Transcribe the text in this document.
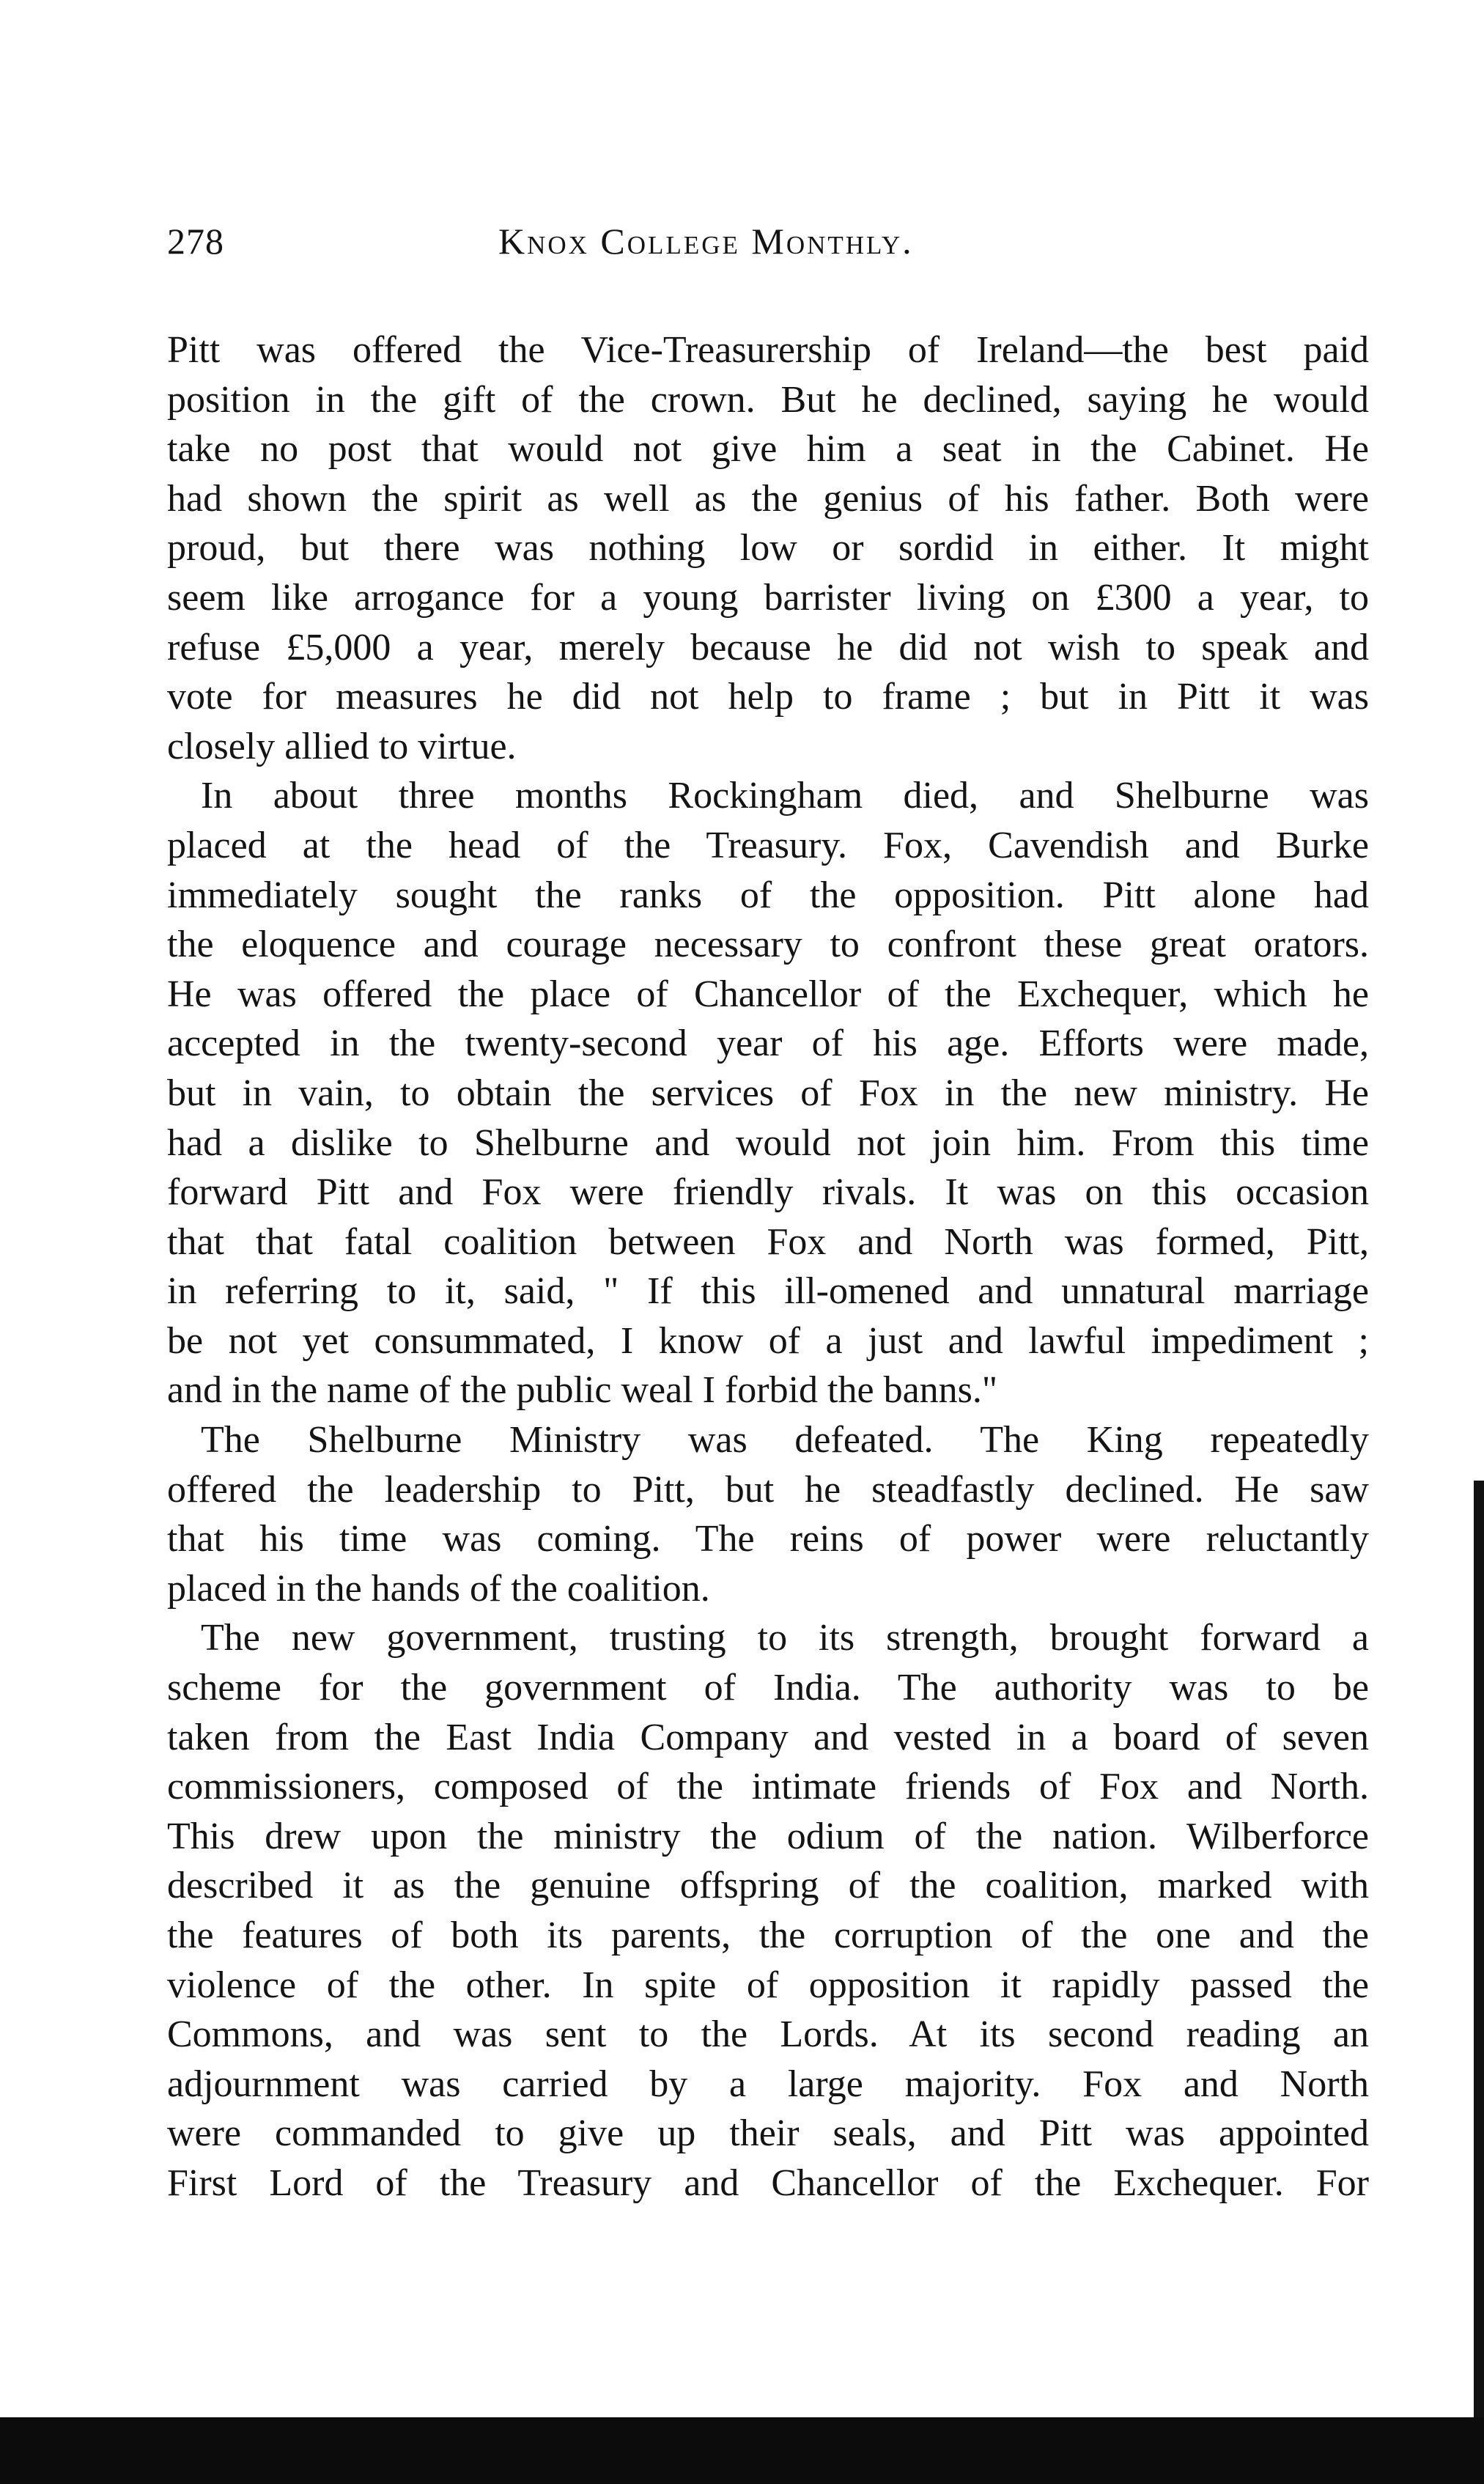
278	Knox College Monthly.
Pitt was offered the Vice-Treasurership of Ireland—the best paid
position in the gift of the crown. But he declined, saying he would
take no post that would not give him a seat in the Cabinet. He
had shown the spirit as well as the genius of his father. Both were
proud, but there was nothing low or sordid in either. It might
seem like arrogance for a young barrister living on £300 a year, to
refuse £5,000 a year, merely because he did not wish to speak and
vote for measures he did not help to frame ; but in Pitt it was
closely allied to virtue.
In about three months Rockingham died, and Shelburne was
placed at the head of the Treasury. Fox, Cavendish and Burke
immediately sought the ranks of the opposition. Pitt alone had
the eloquence and courage necessary to confront these great orators.
He was offered the place of Chancellor of the Exchequer, which he
accepted in the twenty-second year of his age. Efforts were made,
but in vain, to obtain the services of Fox in the new ministry. He
had a dislike to Shelburne and would not join him. From this time
forward Pitt and Fox were friendly rivals. It was on this occasion
that that fatal coalition between Fox and North was formed, Pitt,
in referring to it, said, " If this ill-omened and unnatural marriage
be not yet consummated, I know of a just and lawful impediment ;
and in the name of the public weal I forbid the banns."
The Shelburne Ministry was defeated. The King repeatedly
offered the leadership to Pitt, but he steadfastly declined. He saw
that his time was coming. The reins of power were reluctantly
placed in the hands of the coalition.
The new government, trusting to its strength, brought forward a
scheme for the government of India. The authority was to be
taken from the East India Company and vested in a board of seven
commissioners, composed of the intimate friends of Fox and North.
This drew upon the ministry the odium of the nation. Wilberforce
described it as the genuine offspring of the coalition, marked with
the features of both its parents, the corruption of the one and the
violence of the other. In spite of opposition it rapidly passed the
Commons, and was sent to the Lords. At its second reading an
adjournment was carried by a large majority. Fox and North
were commanded to give up their seals, and Pitt was appointed
First Lord of the Treasury and Chancellor of the Exchequer. For
